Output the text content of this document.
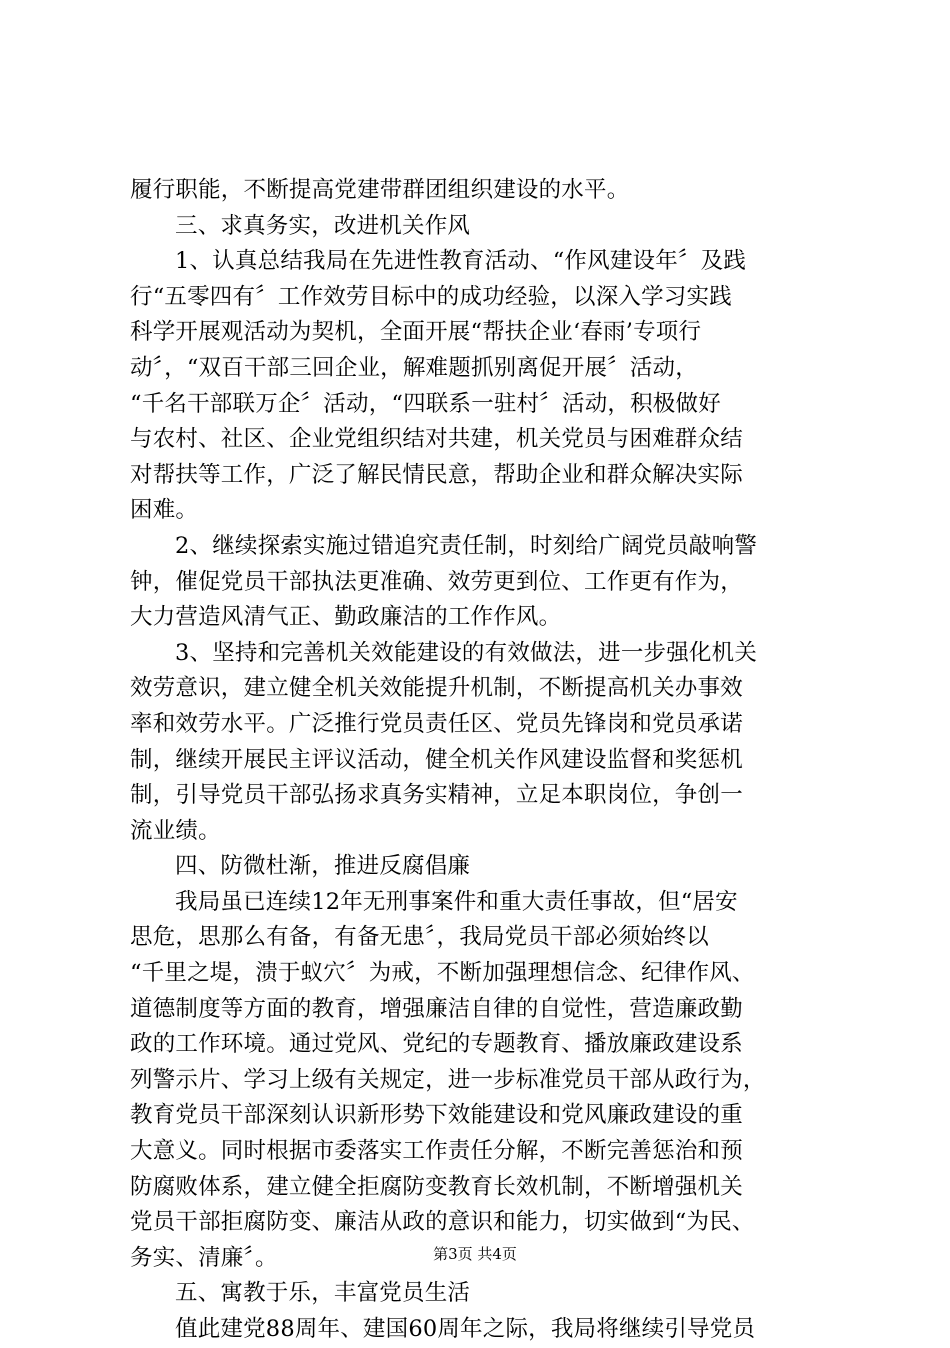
履行职能，不断提高党建带群团组织建设的水平。
三、求真务实，改进机关作风
1、认真总结我局在先进性教育活动、“作风建设年〞及践
行“五零四有〞工作效劳目标中的成功经验，以深入学习实践
科学开展观活动为契机，全面开展“帮扶企业‘春雨’专项行
动〞，“双百干部三回企业，解难题抓别离促开展〞活动，
“千名干部联万企〞活动，“四联系一驻村〞活动，积极做好
与农村、社区、企业党组织结对共建，机关党员与困难群众结
对帮扶等工作，广泛了解民情民意，帮助企业和群众解决实际
困难。
2、继续探索实施过错追究责任制，时刻给广阔党员敲响警
钟，催促党员干部执法更准确、效劳更到位、工作更有作为，
大力营造风清气正、勤政廉洁的工作作风。
3、坚持和完善机关效能建设的有效做法，进一步强化机关
效劳意识，建立健全机关效能提升机制，不断提高机关办事效
率和效劳水平。广泛推行党员责任区、党员先锋岗和党员承诺
制，继续开展民主评议活动，健全机关作风建设监督和奖惩机
制，引导党员干部弘扬求真务实精神，立足本职岗位，争创一
流业绩。
四、防微杜渐，推进反腐倡廉
我局虽已连续12年无刑事案件和重大责任事故，但“居安
思危，思那么有备，有备无患〞，我局党员干部必须始终以
“千里之堤，溃于蚁穴〞为戒，不断加强理想信念、纪律作风、
道德制度等方面的教育，增强廉洁自律的自觉性，营造廉政勤
政的工作环境。通过党风、党纪的专题教育、播放廉政建设系
列警示片、学习上级有关规定，进一步标准党员干部从政行为，
教育党员干部深刻认识新形势下效能建设和党风廉政建设的重
大意义。同时根据市委落实工作责任分解，不断完善惩治和预
防腐败体系，建立健全拒腐防变教育长效机制，不断增强机关
党员干部拒腐防变、廉洁从政的意识和能力，切实做到“为民、
务实、清廉〞。
五、寓教于乐，丰富党员生活
值此建党88周年、建国60周年之际，我局将继续引导党员
第3页 共4页
